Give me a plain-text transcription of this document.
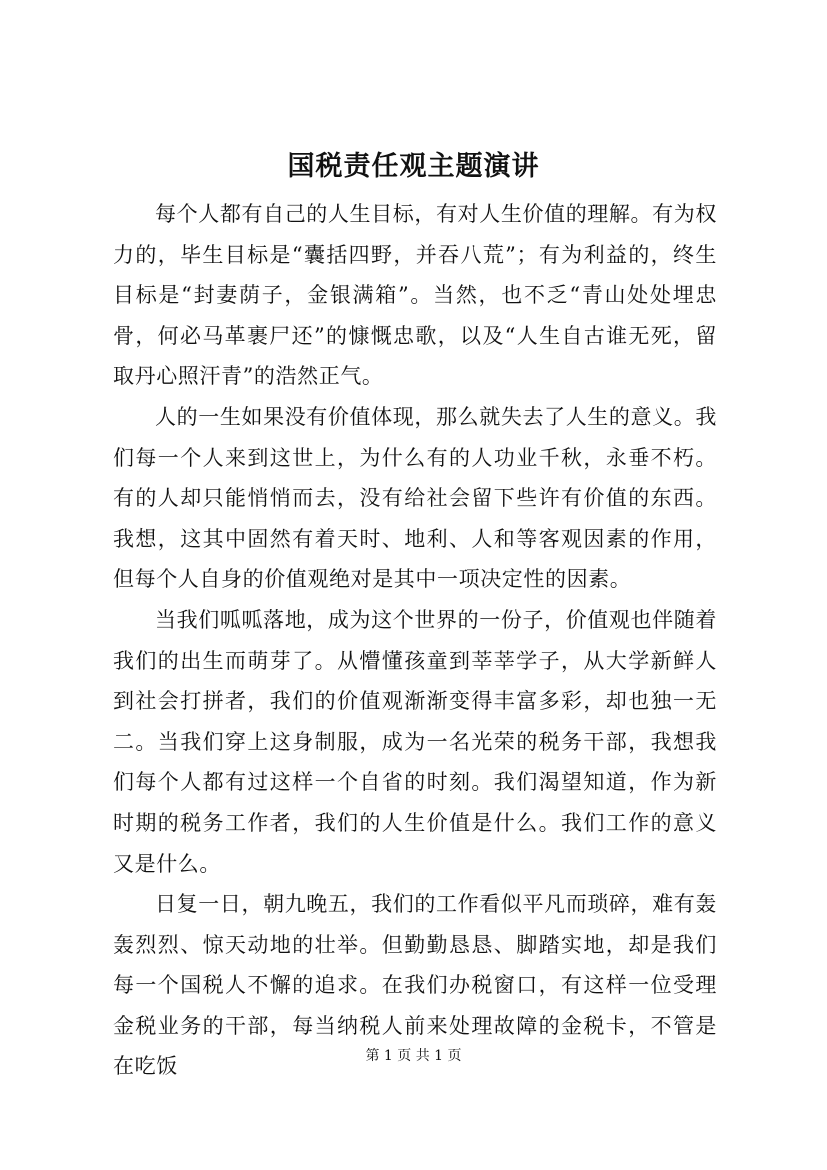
国税责任观主题演讲

每个人都有自己的人生目标，有对人生价值的理解。有为权力的，毕生目标是“囊括四野，并吞八荒”；有为利益的，终生目标是“封妻荫子，金银满箱”。当然，也不乏“青山处处埋忠骨，何必马革裹尸还”的慷慨忠歌，以及“人生自古谁无死，留取丹心照汗青”的浩然正气。

人的一生如果没有价值体现，那么就失去了人生的意义。我们每一个人来到这世上，为什么有的人功业千秋，永垂不朽。有的人却只能悄悄而去，没有给社会留下些许有价值的东西。我想，这其中固然有着天时、地利、人和等客观因素的作用，但每个人自身的价值观绝对是其中一项决定性的因素。

当我们呱呱落地，成为这个世界的一份子，价值观也伴随着我们的出生而萌芽了。从懵懂孩童到莘莘学子，从大学新鲜人到社会打拼者，我们的价值观渐渐变得丰富多彩，却也独一无二。当我们穿上这身制服，成为一名光荣的税务干部，我想我们每个人都有过这样一个自省的时刻。我们渴望知道，作为新时期的税务工作者，我们的人生价值是什么。我们工作的意义又是什么。

日复一日，朝九晚五，我们的工作看似平凡而琐碎，难有轰轰烈烈、惊天动地的壮举。但勤勤恳恳、脚踏实地，却是我们每一个国税人不懈的追求。在我们办税窗口，有这样一位受理金税业务的干部，每当纳税人前来处理故障的金税卡，不管是在吃饭	第 1 页 共 1 页
